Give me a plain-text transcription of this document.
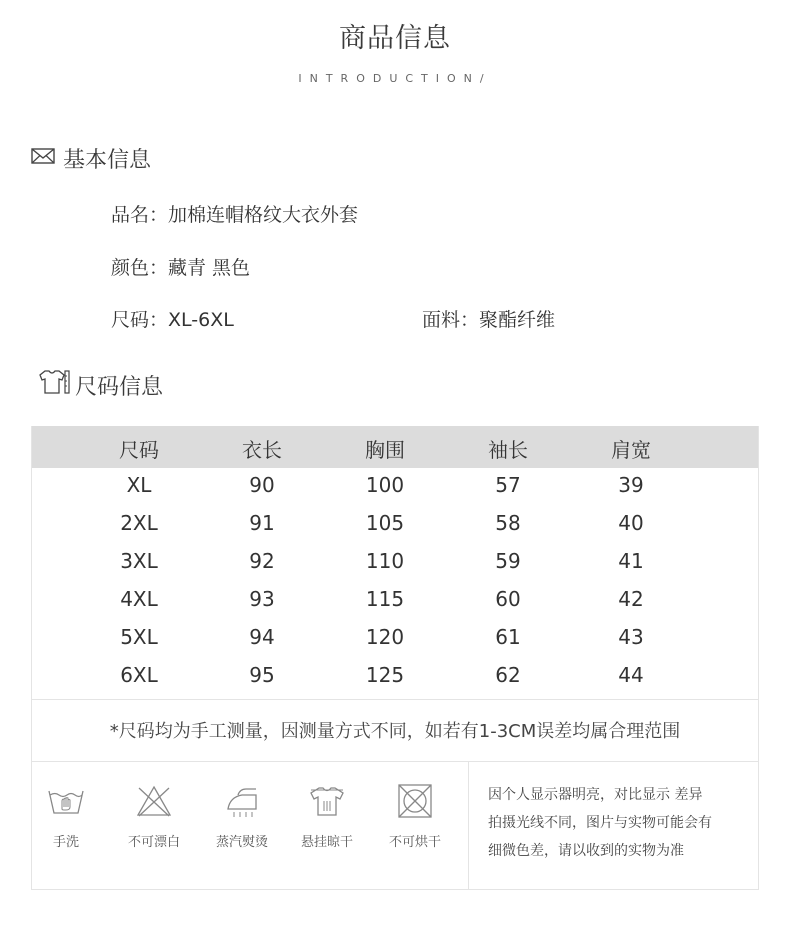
商品信息
INTRODUCTION/
基本信息
品名：加棉连帽格纹大衣外套
颜色：藏青 黑色
尺码：XL-6XL	面料：聚酯纤维
尺码信息
尺码	衣长	胸围	袖长	肩宽
XL	90	100	57	39
2XL	91	105	58	40
3XL	92	110	59	41
4XL	93	115	60	42
5XL	94	120	61	43
6XL	95	125	62	44
*尺码均为手工测量，因测量方式不同，如若有1-3CM误差均属合理范围
手洗	不可漂白	蒸汽熨烫	悬挂晾干	不可烘干
因个人显示器明亮，对比显示 差异
拍摄光线不同，图片与实物可能会有
细微色差，请以收到的实物为准
